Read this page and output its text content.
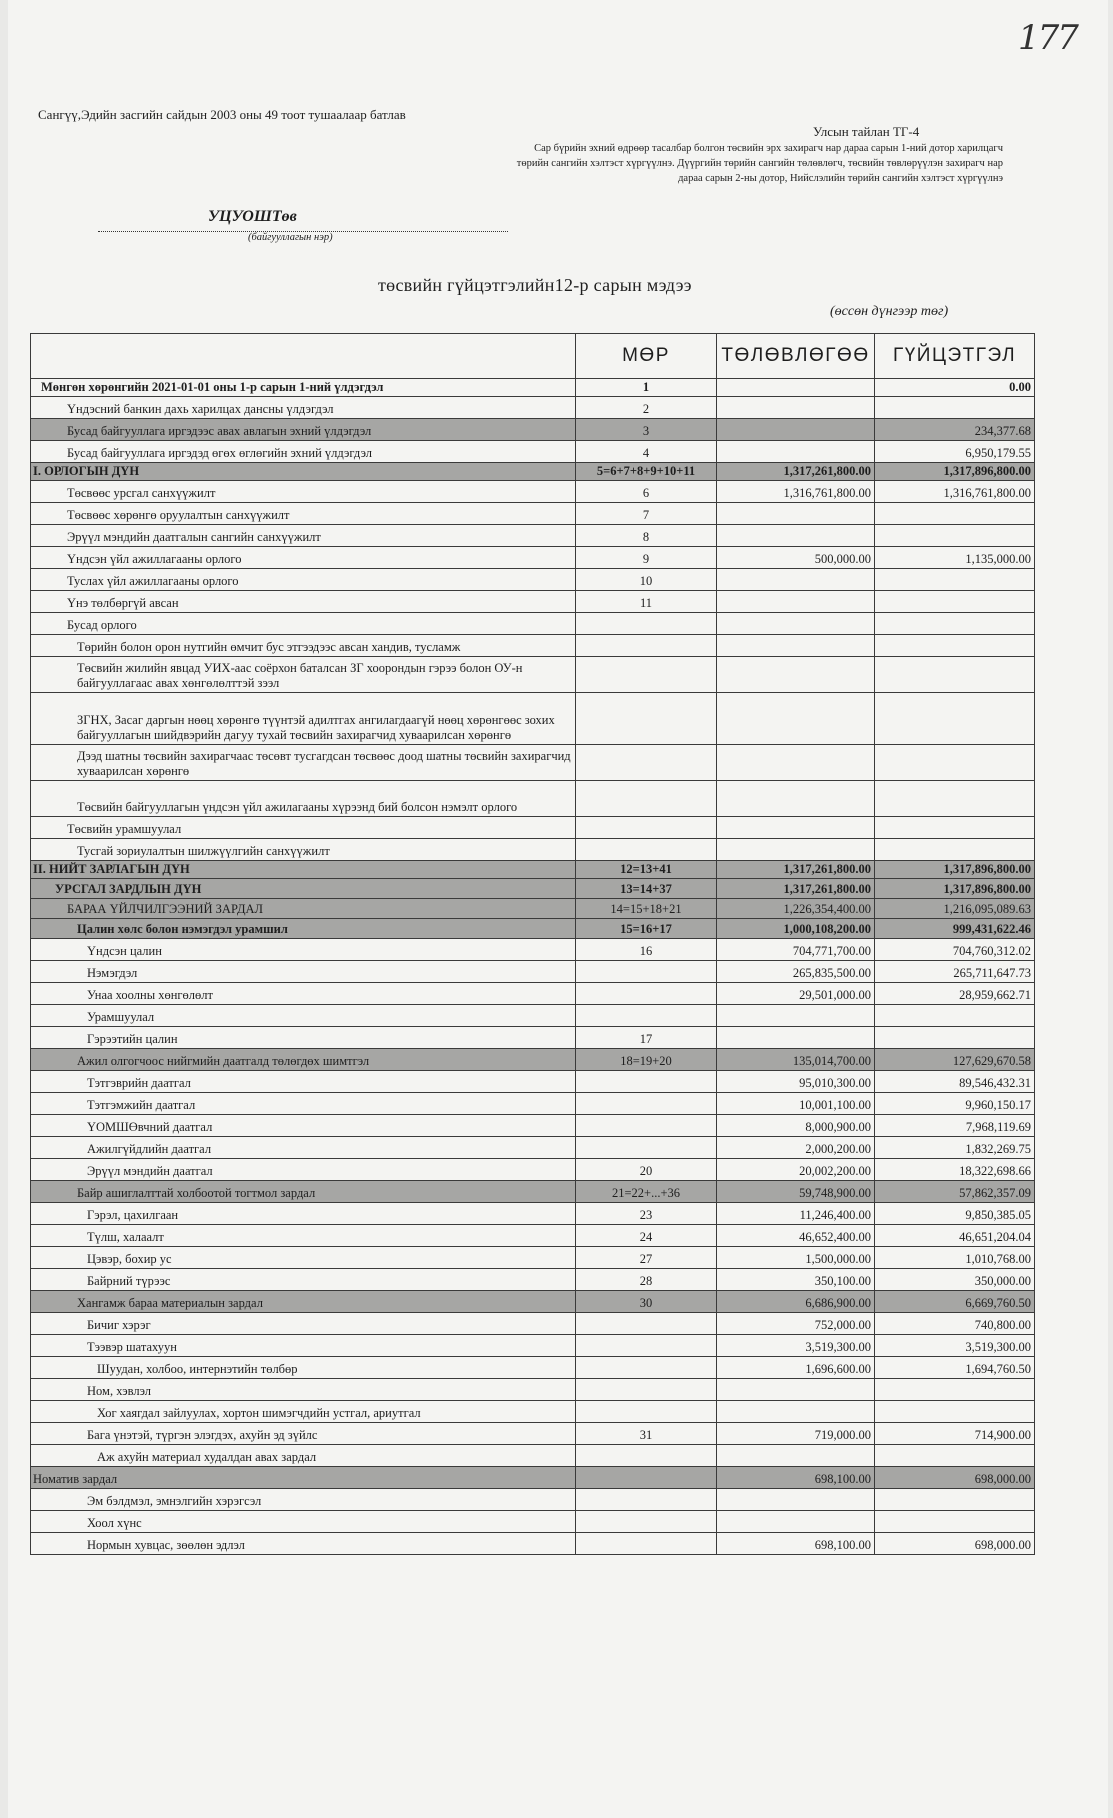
177
Сангүү,Эдийн засгийн сайдын 2003 оны 49 тоот тушаалаар батлав
Улсын тайлан ТГ-4
Сар бүрийн эхний өдрөөр тасалбар болгон төсвийн эрх захирагч нар дараа сарын 1-ний дотор харилцагч төрийн сангийн хэлтэст хүргүүлнэ. Дүүргийн төрийн сангийн төлөвлөгч, төсвийн төвлөрүүлэн захирагч нар дараа сарын 2-ны дотор, Нийслэлийн төрийн сангийн хэлтэст хүргүүлнэ
УЦУОШТөв
(байгууллагын нэр)
төсвийн гүйцэтгэлийн12-р сарын мэдээ
(өссөн дүнгээр төг)
	МӨР	ТӨЛӨВЛӨГӨӨ	ГҮЙЦЭТГЭЛ
Мөнгөн хөрөнгийн 2021-01-01 оны 1-р сарын 1-ний үлдэгдэл	1		0.00
Үндэсний банкин дахь харилцах дансны үлдэгдэл	2		
Бусад байгууллага иргэдээс авах авлагын эхний үлдэгдэл	3		234,377.68
Бусад байгууллага иргэдэд өгөх өглөгийн эхний үлдэгдэл	4		6,950,179.55
I. ОРЛОГЫН ДҮН	5=6+7+8+9+10+11	1,317,261,800.00	1,317,896,800.00
Төсвөөс урсгал санхүүжилт	6	1,316,761,800.00	1,316,761,800.00
Төсвөөс хөрөнгө оруулалтын санхүүжилт	7		
Эрүүл мэндийн даатгалын сангийн санхүүжилт	8		
Үндсэн үйл ажиллагааны орлого	9	500,000.00	1,135,000.00
Туслах үйл ажиллагааны орлого	10		
Үнэ төлбөргүй авсан	11		
Бусад орлого			
Төрийн болон орон нутгийн өмчит бус этгээдээс авсан хандив, тусламж			
Төсвийн жилийн явцад УИХ-аас соёрхон баталсан ЗГ хоорондын гэрээ болон ОУ-н байгууллагаас авах хөнгөлөлттэй зээл			
ЗГНХ, Засаг даргын нөөц хөрөнгө түүнтэй адилтгах ангилагдаагүй нөөц хөрөнгөөс зохих байгууллагын шийдвэрийн дагуу тухай төсвийн захирагчид хуваарилсан хөрөнгө			
Дээд шатны төсвийн захирагчаас төсөвт тусгагдсан төсвөөс доод шатны төсвийн захирагчид хуваарилсан хөрөнгө			
Төсвийн байгууллагын үндсэн үйл ажилагааны хүрээнд бий болсон нэмэлт орлого			
Төсвийн урамшуулал			
Тусгай зориулалтын шилжүүлгийн санхүүжилт			
II. НИЙТ ЗАРЛАГЫН ДҮН	12=13+41	1,317,261,800.00	1,317,896,800.00
УРСГАЛ ЗАРДЛЫН ДҮН	13=14+37	1,317,261,800.00	1,317,896,800.00
БАРАА ҮЙЛЧИЛГЭЭНИЙ ЗАРДАЛ	14=15+18+21	1,226,354,400.00	1,216,095,089.63
Цалин хөлс болон нэмэгдэл урамшил	15=16+17	1,000,108,200.00	999,431,622.46
Үндсэн цалин	16	704,771,700.00	704,760,312.02
Нэмэгдэл		265,835,500.00	265,711,647.73
Унаа хоолны хөнгөлөлт		29,501,000.00	28,959,662.71
Урамшуулал			
Гэрээтийн цалин	17		
Ажил олгогчоос нийгмийн даатгалд төлөгдөх шимтгэл	18=19+20	135,014,700.00	127,629,670.58
Тэтгэврийн даатгал		95,010,300.00	89,546,432.31
Тэтгэмжийн даатгал		10,001,100.00	9,960,150.17
ҮОМШӨвчний даатгал		8,000,900.00	7,968,119.69
Ажилгүйдлийн даатгал		2,000,200.00	1,832,269.75
Эрүүл мэндийн даатгал	20	20,002,200.00	18,322,698.66
Байр ашиглалттай холбоотой тогтмол зардал	21=22+...+36	59,748,900.00	57,862,357.09
Гэрэл, цахилгаан	23	11,246,400.00	9,850,385.05
Түлш, халаалт	24	46,652,400.00	46,651,204.04
Цэвэр, бохир ус	27	1,500,000.00	1,010,768.00
Байрний түрээс	28	350,100.00	350,000.00
Хангамж бараа материалын зардал	30	6,686,900.00	6,669,760.50
Бичиг хэрэг		752,000.00	740,800.00
Тээвэр шатахуун		3,519,300.00	3,519,300.00
Шуудан, холбоо, интернэтийн төлбөр		1,696,600.00	1,694,760.50
Ном, хэвлэл			
Хог хаягдал зайлуулах, хортон шимэгчдийн устгал, ариутгал			
Бага үнэтэй, түргэн элэгдэх, ахуйн эд зүйлс	31	719,000.00	714,900.00
Аж ахуйн материал худалдан авах зардал			
Номатив зардал		698,100.00	698,000.00
Эм бэлдмэл, эмнэлгийн хэрэгсэл			
Хоол хүнс			
Нормын хувцас, зөөлөн эдлэл		698,100.00	698,000.00
